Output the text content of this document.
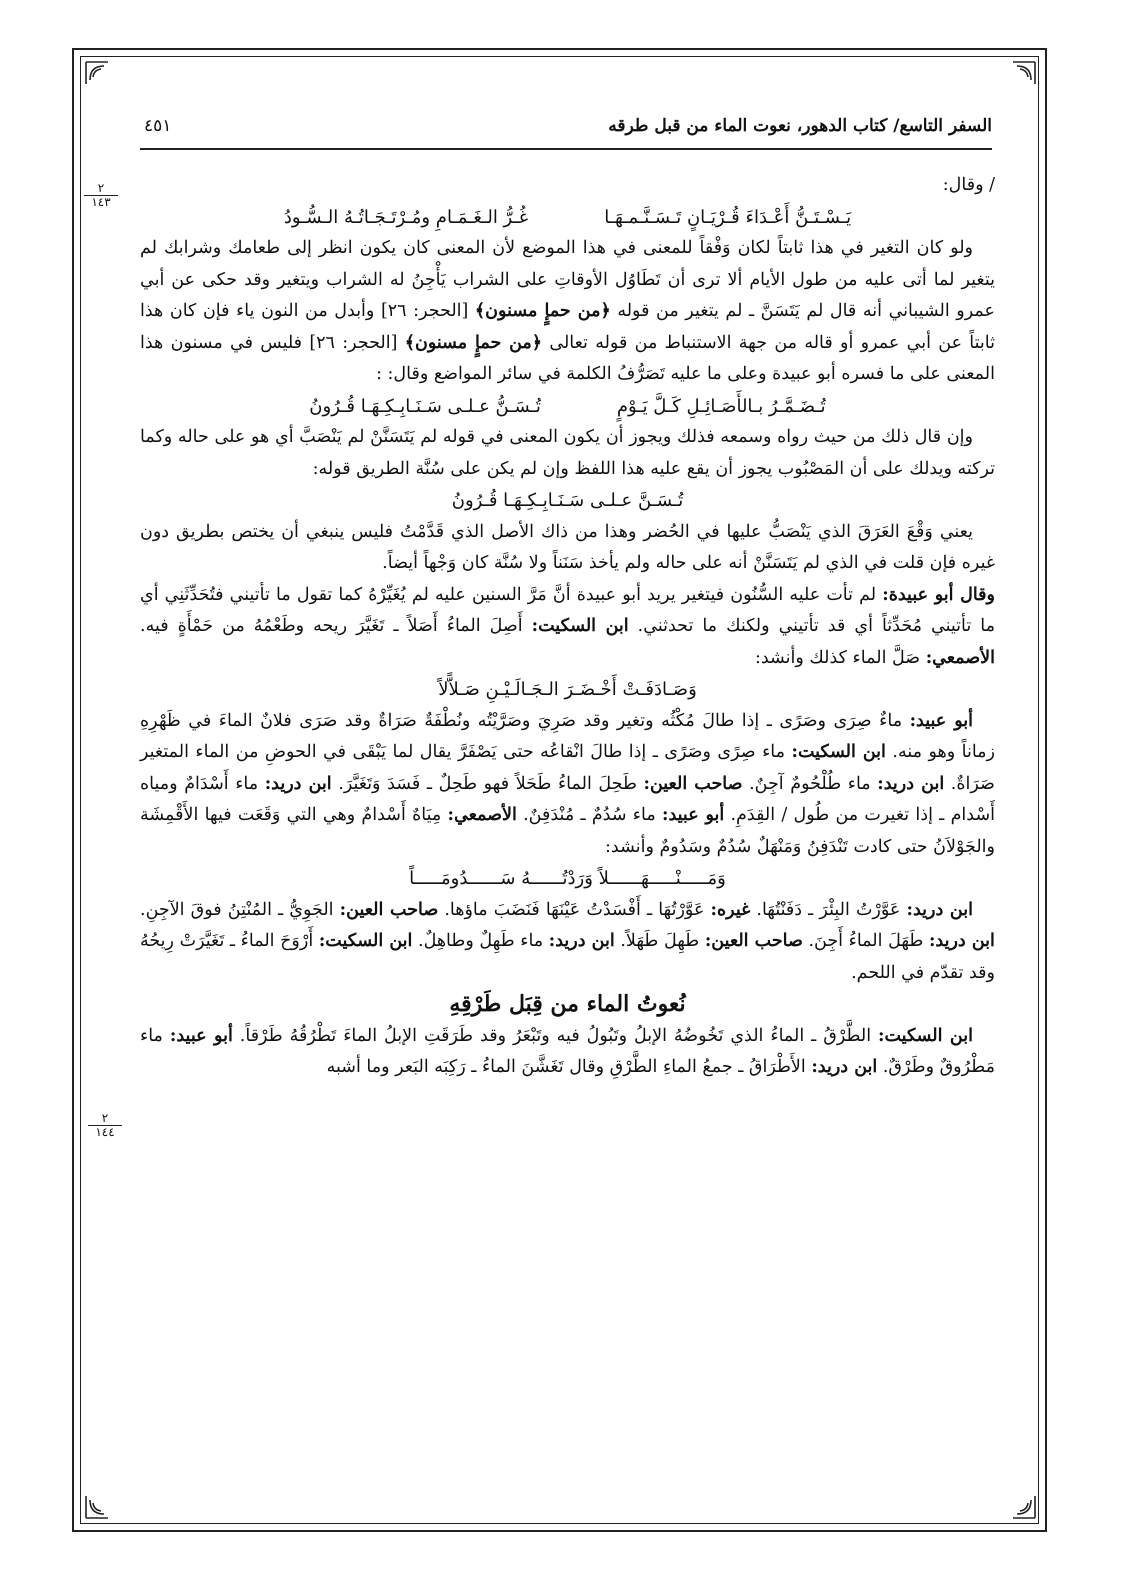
السفر التاسع/ كتاب الدهور، نعوت الماء من قبل طرقه
٤٥١
٢
١٤٣
٢
١٤٤

/ وقال:

يَـسْـتَـنُّ أَعْـدَاءَ قُـرْيَـانٍ تَـسَـنَّـمـهَـاغُـرُّ الـغَـمَـامِ ومُـرْتَـجَـاتُـهُ الـسُّـودُ

ولو كان التغير في هذا ثابتاً لكان وَفْقاً للمعنى في هذا الموضع لأن المعنى كان يكون انظر إلى طعامك وشرابك لم يتغير لما أتى عليه من طول الأيام ألا ترى أن تَطَاوُل الأوقاتِ على الشراب يَأْجِنُ له الشراب ويتغير وقد حكى عن أبي عمرو الشيباني أنه قال لم يَتَسَنَّ ـ لم يتغير من قوله ﴿من حمإٍ مسنون﴾ [الحجر: ٢٦] وأبدل من النون ياء فإن كان هذا ثابتاً عن أبي عمرو أو قاله من جهة الاستنباط من قوله تعالى ﴿من حمإٍ مسنون﴾ [الحجر: ٢٦] فليس في مسنون هذا المعنى على ما فسره أبو عبيدة وعلى ما عليه تَصَرُّفُ الكلمة في سائر المواضع وقال: :

تُـضَـمَّـرُ بـالأَصَـائِـلِ كَـلَّ يَـوْمٍتُـسَـنُّ عـلـى سَـنَـابِـكِـهَـا قُـرُونُ

وإن قال ذلك من حيث رواه وسمعه فذلك ويجوز أن يكون المعنى في قوله لم يَتَسَنَّنْ لم يَنْصَبَّ أي هو على حاله وكما تركته ويدلك على أن المَصْبُوب يجوز أن يقع عليه هذا اللفظ وإن لم يكن على سُنَّة الطريق قوله:

تُـسَـنَّ عـلـى سَـنَـابِـكِـهَـا قُـرُونُ

يعني وَقْعَ العَرَقَ الذي يَنْصَبُّ عليها في الحُضر وهذا من ذاك الأصل الذي قَدَّمْتُ فليس ينبغي أن يختص بطريق دون غيره فإن قلت في الذي لم يَتَسَنَّنْ أنه على حاله ولم يأخذ سَنَناً ولا سُنَّة كان وَجْهاً أيضاً.

وقال أبو عبيدة: لم تأت عليه السُّنُون فيتغير يريد أبو عبيدة أنَّ مَرَّ السنين عليه لم يُغَيِّرْهُ كما تقول ما تأتيني فتُحَدِّثَنِي أي ما تأتيني مُحَدِّثاً أي قد تأتيني ولكنك ما تحدثني. ابن السكيت: أَصِلَ الماءُ أَصَلاً ـ تَغَيَّرَ ريحه وطَعْمُهُ من حَمْأَةٍ فيه. الأصمعي: صَلَّ الماء كذلك وأنشد:

وَصَـادَفَـتْ أَخْـضَـرَ الـجَـالَـيْـنِ صَـلاًّلاً

أبو عبيد: ماءٌ صِرَى وصَرًى ـ إذا طالَ مُكْثُه وتغير وقد صَرِيَ وصَرَّيْتُه ونُطْفَةٌ صَرَاةٌ وقد صَرَى فلانٌ الماءَ في ظَهْرِهِ زماناً وهو منه. ابن السكيت: ماء صِرًى وصَرًى ـ إذا طالَ انْقاعُه حتى يَصْفَرَّ يقال لما يَبْقَى في الحوضِ من الماء المتغير صَرَاةٌ. ابن دريد: ماء طُلْحُومٌ آجِنٌ. صاحب العين: طَحِلَ الماءُ طَحَلاً فهو طَحِلٌ ـ فَسَدَ وَتَغَيَّرَ. ابن دريد: ماء أَسْدَامٌ ومياه أَسْدام ـ إذا تغيرت من طُول / القِدَمِ. أبو عبيد: ماء سُدُمٌ ـ مُنْدَفِنٌ. الأصمعي: مِيَاهٌ أَسْدامٌ وهي التي وَقَعَت فيها الأَقْمِشَة والجَوْلاَنُ حتى كادت تَنْدَفِنُ وَمَنْهَلٌ سُدُمٌ وسَدُومٌ وأنشد:

وَمَـــــنْـــــهَــــــلاً وَرَدْتُــــــهُ سَــــــدُومَـــــاً

ابن دريد: عَوَّرْتُ البِئْرَ ـ دَفَنْتُهَا. غيره: عَوَّرْتُهَا ـ أَفْسَدْتُ عَيْنَهَا فَنَضَبَ ماؤها. صاحب العين: الجَوِيُّ ـ المُنْتِنُ فوقَ الآجِنِ. ابن دريد: طَهَلَ الماءُ أَجِنَ. صاحب العين: طَهِلَ طَهَلاً. ابن دريد: ماء طَهِلٌ وطاهِلٌ. ابن السكيت: أَرْوَحَ الماءُ ـ تَغَيَّرَتْ رِيحُهُ وقد تقدّم في اللحم.

نُعوتُ الماء من قِبَل طَرْقِهِ

ابن السكيت: الطَّرْقُ ـ الماءُ الذي تَخُوضُهُ الإبلُ وتَبُولُ فيه وتَبْعَرُ وقد طَرَقَتِ الإبلُ الماءَ تَطْرُقُهُ طَرْقاً. أبو عبيد: ماء مَطْرُوقٌ وطَرْقٌ. ابن دريد: الأَطْرَاقُ ـ جمعُ الماءِ الطَّرْقِ وقال تَغَشَّنَ الماءُ ـ رَكِبَه البَعر وما أشبه
